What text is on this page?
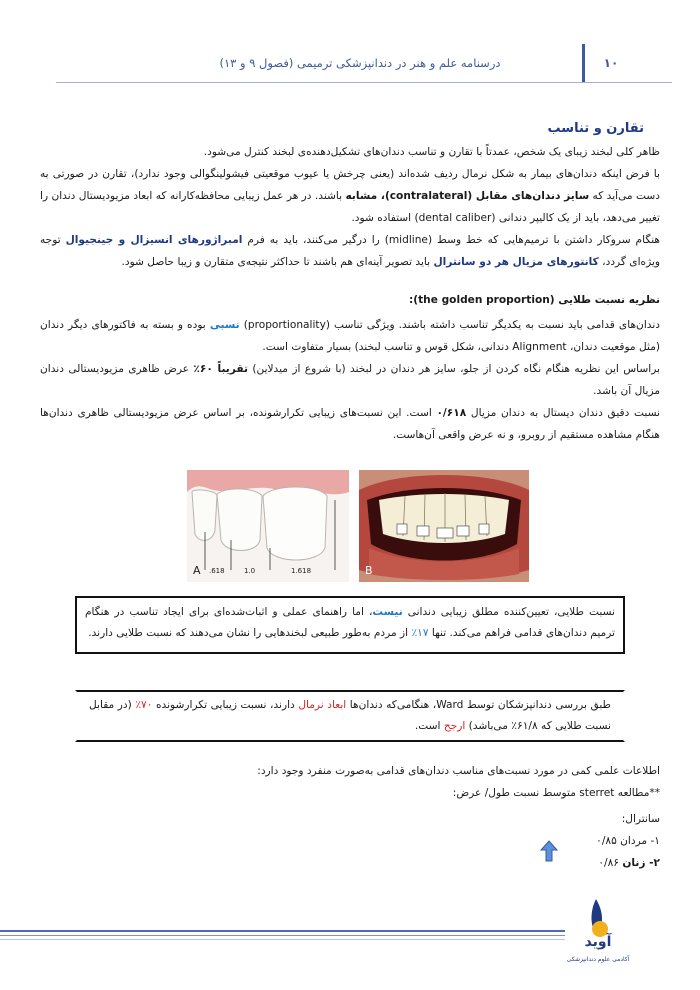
درسنامه علم و هنر در دندانپزشکی ترمیمی (فصول ۹ و ۱۳)	۱۰
تقارن و تناسب
ظاهر کلی لبخند زیبای یک شخص، عمدتاً با تقارن و تناسب دندان‌های تشکیل‌دهنده‌ی لبخند کنترل می‌شود.
با فرض اینکه دندان‌های بیمار به شکل نرمال ردیف شده‌اند (یعنی چرخش یا عیوب موقعیتی فیشولینگوالی وجود ندارد)، تقارن در صورتی به دست می‌آید که سایز دندان‌های مقابل (contralateral)، مشابه باشند. در هر عمل زیبایی محافظه‌کارانه که ابعاد مزیودیستال دندان را تغییر می‌دهد، باید از یک کالیپر دندانی (dental caliber) استفاده شود.
هنگام سروکار داشتن با ترمیم‌هایی که خط وسط (midline) را درگیر می‌کنند، باید به فرم امبراژورهای انسیزال و جینجیوال توجه ویژه‌ای گردد، کانتورهای مزیال هر دو سانترال باید تصویر آینه‌ای هم باشند تا حداکثر نتیجه‌ی متقارن و زیبا حاصل شود.
نظریه نسبت طلایی (the golden proportion):
دندان‌های قدامی باید نسبت به یکدیگر تناسب داشته باشند. ویژگی تناسب (proportionality) نسبی بوده و بسته به فاکتورهای دیگر دندان (مثل موقعیت دندان، Alignment دندانی، شکل قوس و تناسب لبخند) بسیار متفاوت است.
براساس این نظریه هنگام نگاه کردن از جلو، سایز هر دندان در لبخند (با شروع از میدلاین) تقریباً ۶۰٪ عرض ظاهری مزیودیستالی دندان مزیال آن باشد.
نسبت دقیق دندان دیستال به دندان مزیال ۰/۶۱۸ است. این نسبت‌های زیبایی تکرارشونده، بر اساس عرض مزیودیستالی ظاهری دندان‌ها هنگام مشاهده مستقیم از روبرو، و نه عرض واقعی آن‌هاست.
A .618	1.0	1.618	B
نسبت طلایی، تعیین‌کننده مطلق زیبایی دندانی نیست، اما راهنمای عملی و اثبات‌شده‌ای برای ایجاد تناسب در هنگام ترمیم دندان‌های قدامی فراهم می‌کند. تنها ۱۷٪ از مردم به‌طور طبیعی لبخندهایی را نشان می‌دهند که نسبت طلایی دارند.
طبق بررسی دندانپزشکان توسط Ward، هنگامی‌که دندان‌ها ابعاد نرمال دارند، نسبت زیبایی تکرارشونده ۷۰٪ (در مقابل نسبت طلایی که ۶۱/۸٪ می‌باشد) ارجح است.
اطلاعات علمی کمی در مورد نسبت‌های مناسب دندان‌های قدامی به‌صورت منفرد وجود دارد:
**مطالعه sterret متوسط نسبت طول/ عرض:
سانترال:
۱- مردان ۰/۸۵
۲- زنان ۰/۸۶
آوید
آکادمی علوم دندانپزشکی
